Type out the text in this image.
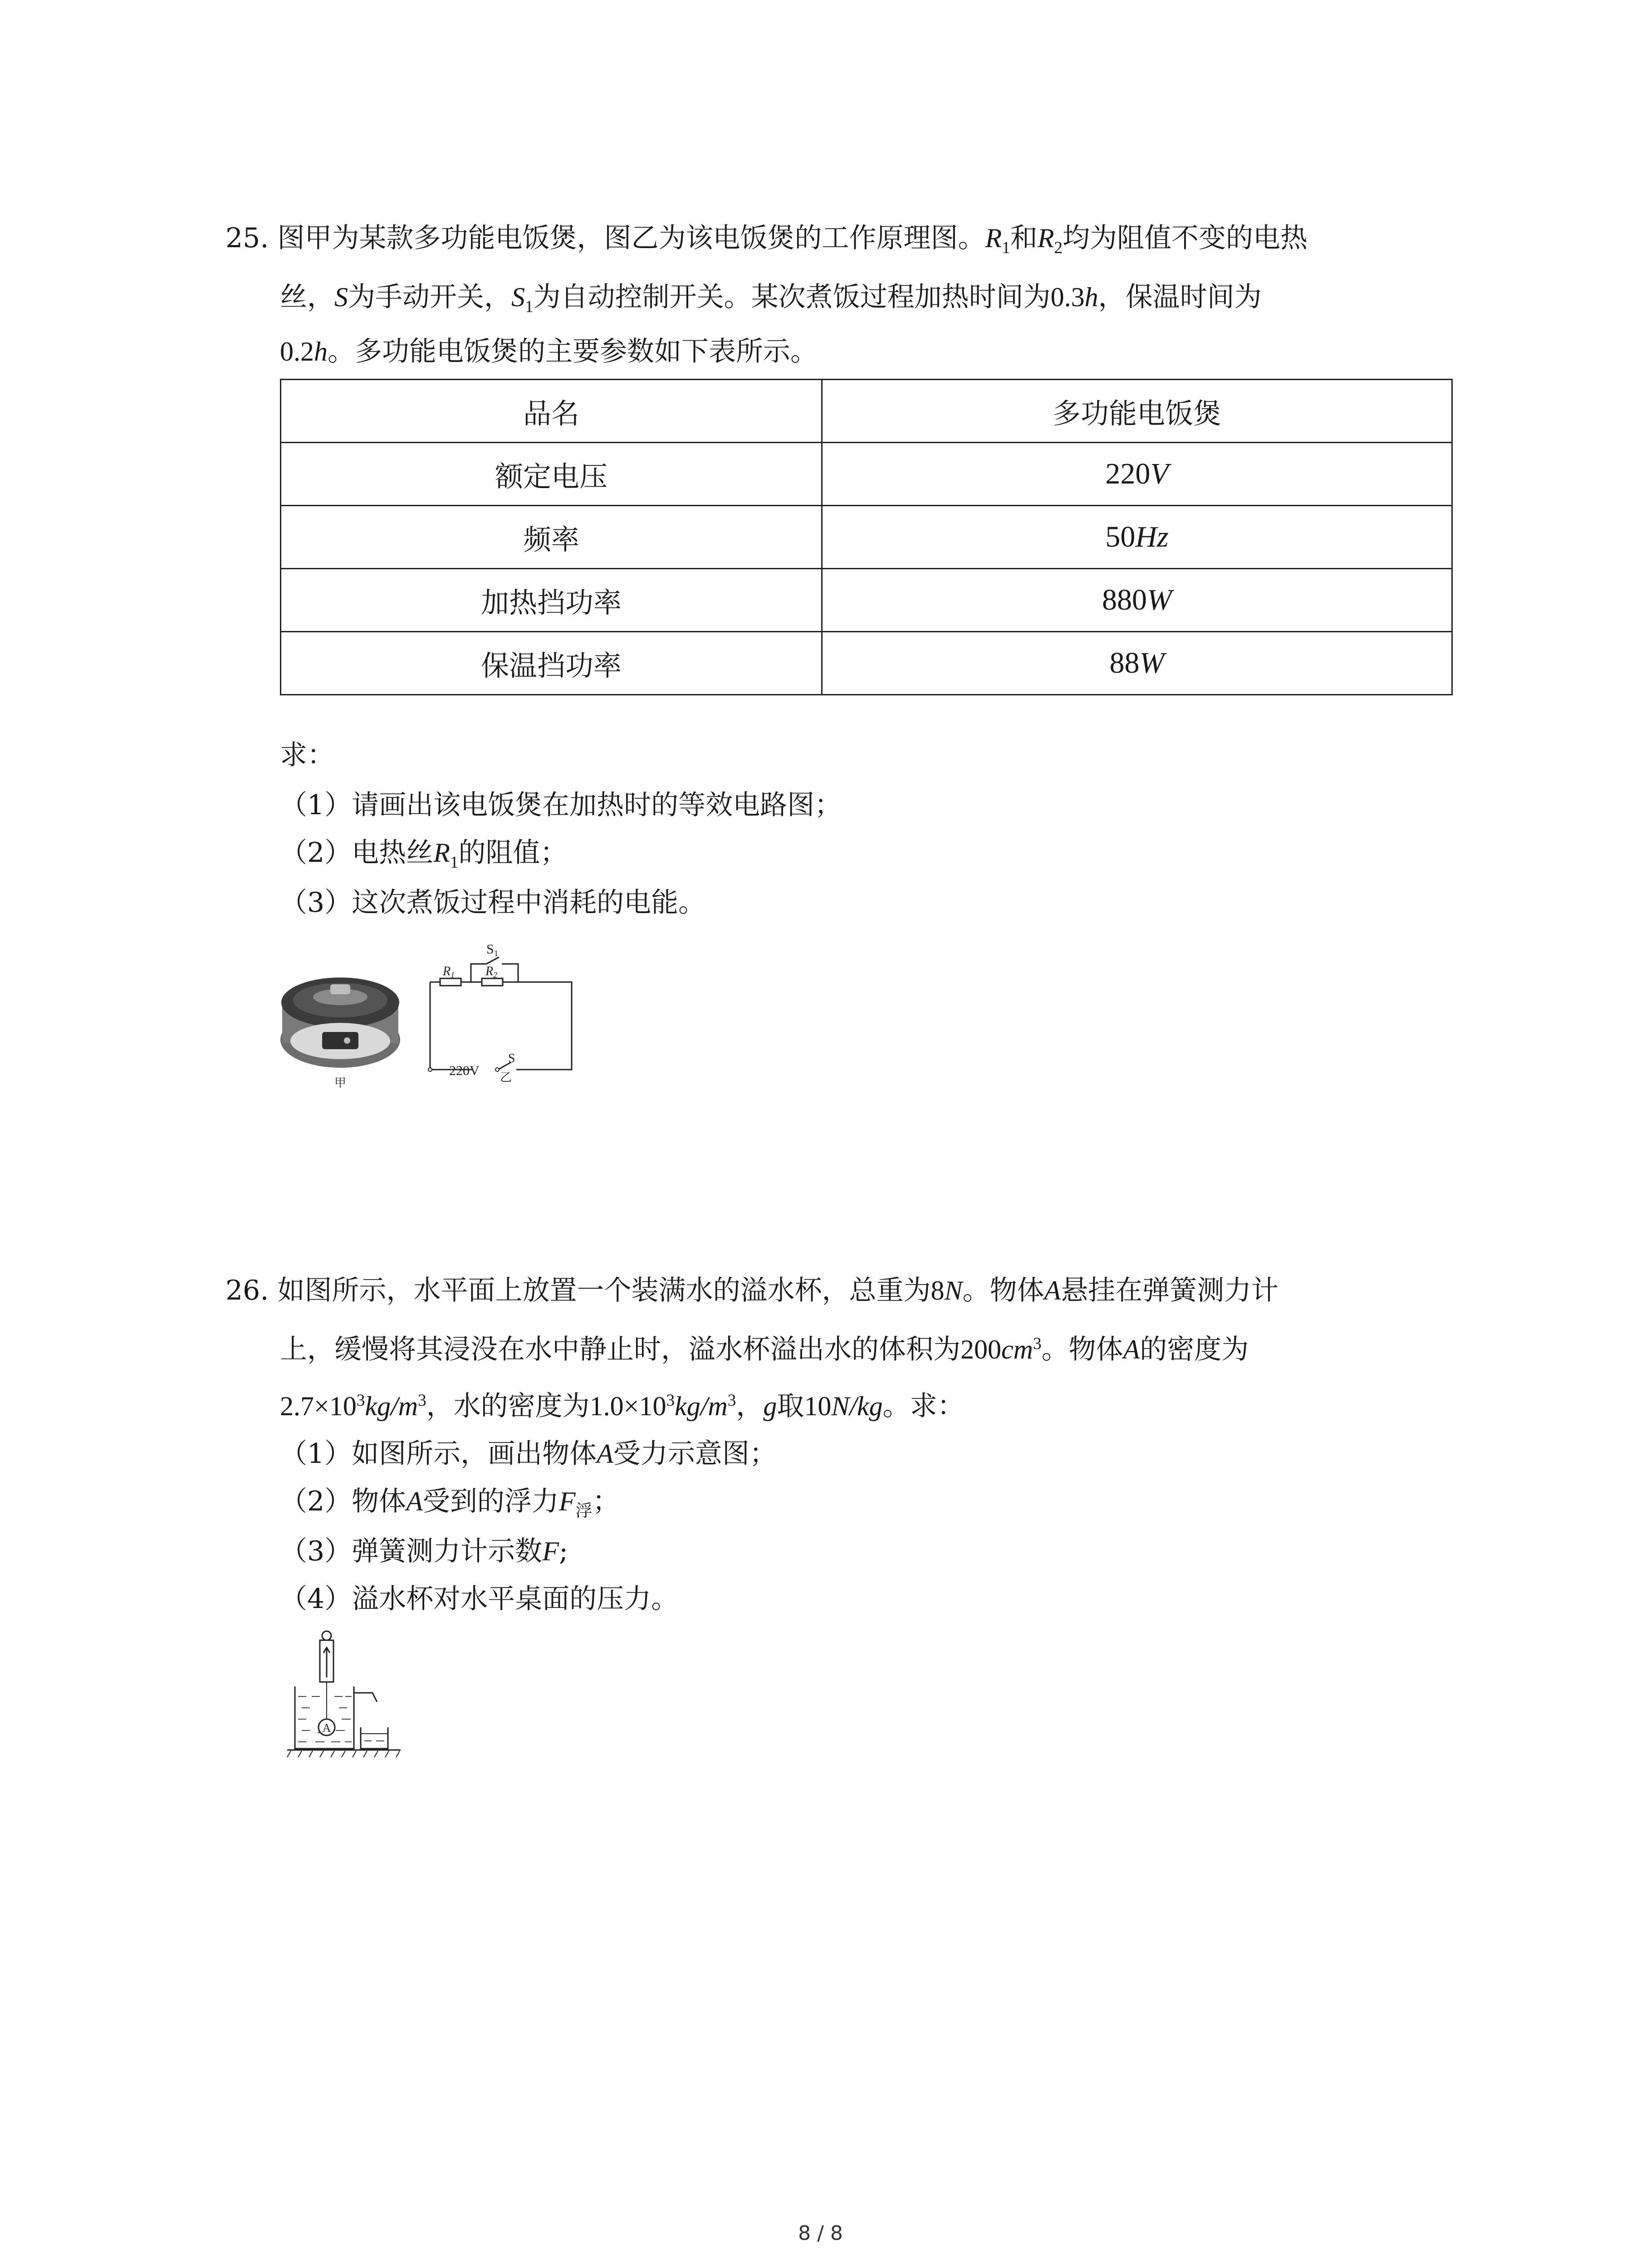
25. 图甲为某款多功能电饭煲，图乙为该电饭煲的工作原理图。$R_1$和$R_2$均为阻值不变的电热
丝，S为手动开关，$S_1$为自动控制开关。某次煮饭过程加热时间为0.3h，保温时间为
0.2h。多功能电饭煲的主要参数如下表所示。
品名	多功能电饭煲
额定电压	220V
频率	50Hz
加热挡功率	880W
保温挡功率	88W
求：
（1）请画出该电饭煲在加热时的等效电路图；
（2）电热丝$R_1$的阻值；
（3）这次煮饭过程中消耗的电能。
甲
$S_1$
R1 R2
220V
S
乙
26. 如图所示，水平面上放置一个装满水的溢水杯，总重为8N。物体A悬挂在弹簧测力计
上，缓慢将其浸没在水中静止时，溢水杯溢出水的体积为$200cm^3$。物体A的密度为
$2.7\times 10^3kg/m^3$，水的密度为$1.0\times 10^3kg/m^3$，g取10N/kg。求：
（1）如图所示，画出物体A受力示意图；
（2）物体A受到的浮力$F_浮$；
（3）弹簧测力计示数F;
（4）溢水杯对水平桌面的压力。
A
8 / 8
